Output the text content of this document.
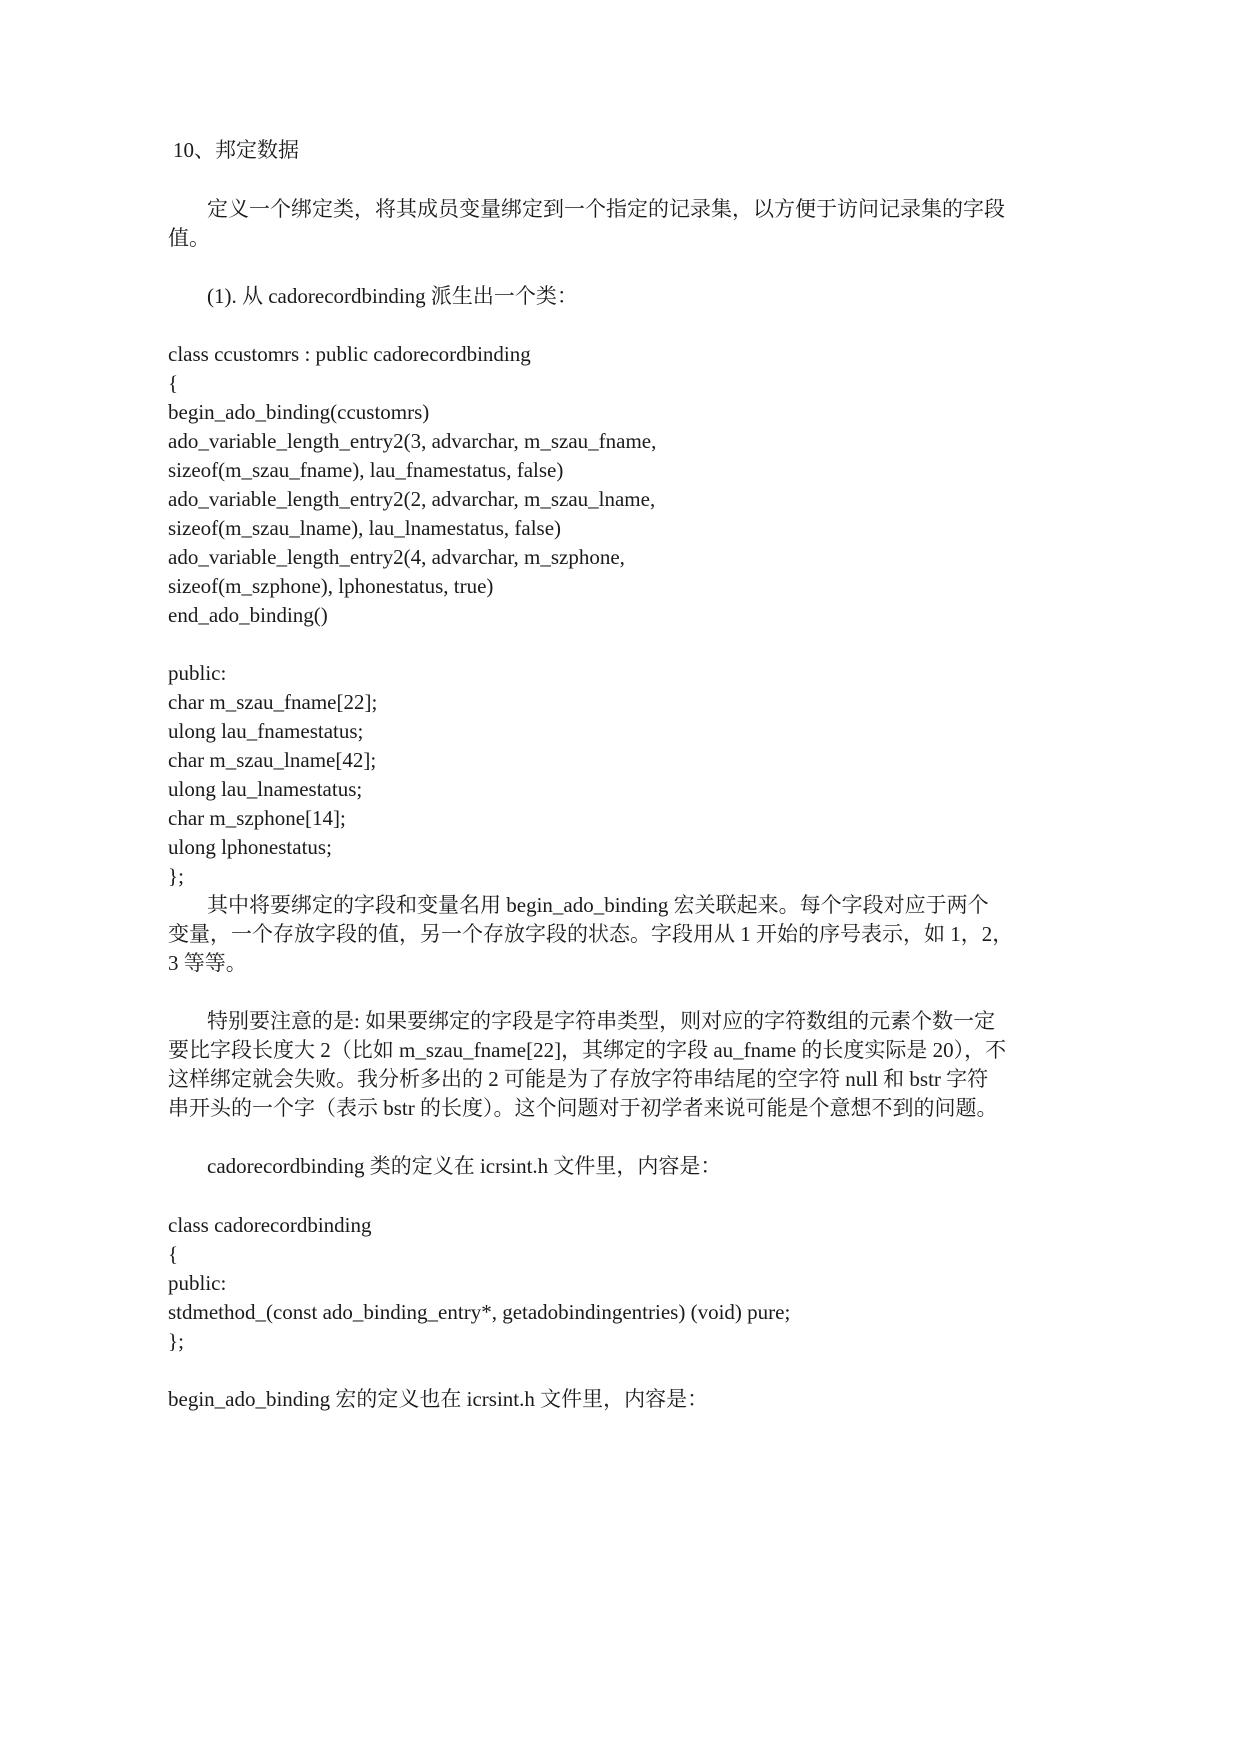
10、邦定数据
定义一个绑定类，将其成员变量绑定到一个指定的记录集，以方便于访问记录集的字段
值。
(1). 从 cadorecordbinding 派生出一个类：
class ccustomrs : public cadorecordbinding
{
begin_ado_binding(ccustomrs)
ado_variable_length_entry2(3, advarchar, m_szau_fname,
sizeof(m_szau_fname), lau_fnamestatus, false)
ado_variable_length_entry2(2, advarchar, m_szau_lname,
sizeof(m_szau_lname), lau_lnamestatus, false)
ado_variable_length_entry2(4, advarchar, m_szphone,
sizeof(m_szphone), lphonestatus, true)
end_ado_binding()
public:
char m_szau_fname[22];
ulong lau_fnamestatus;
char m_szau_lname[42];
ulong lau_lnamestatus;
char m_szphone[14];
ulong lphonestatus;
};
其中将要绑定的字段和变量名用 begin_ado_binding 宏关联起来。每个字段对应于两个
变量，一个存放字段的值，另一个存放字段的状态。字段用从 1 开始的序号表示，如 1，2，
3 等等。
特别要注意的是: 如果要绑定的字段是字符串类型，则对应的字符数组的元素个数一定
要比字段长度大 2（比如 m_szau_fname[22]，其绑定的字段 au_fname 的长度实际是 20），不
这样绑定就会失败。我分析多出的 2 可能是为了存放字符串结尾的空字符 null 和 bstr 字符
串开头的一个字（表示 bstr 的长度）。这个问题对于初学者来说可能是个意想不到的问题。
cadorecordbinding 类的定义在 icrsint.h 文件里，内容是：
class cadorecordbinding
{
public:
stdmethod_(const ado_binding_entry*, getadobindingentries) (void) pure;
};
begin_ado_binding 宏的定义也在 icrsint.h 文件里，内容是：
